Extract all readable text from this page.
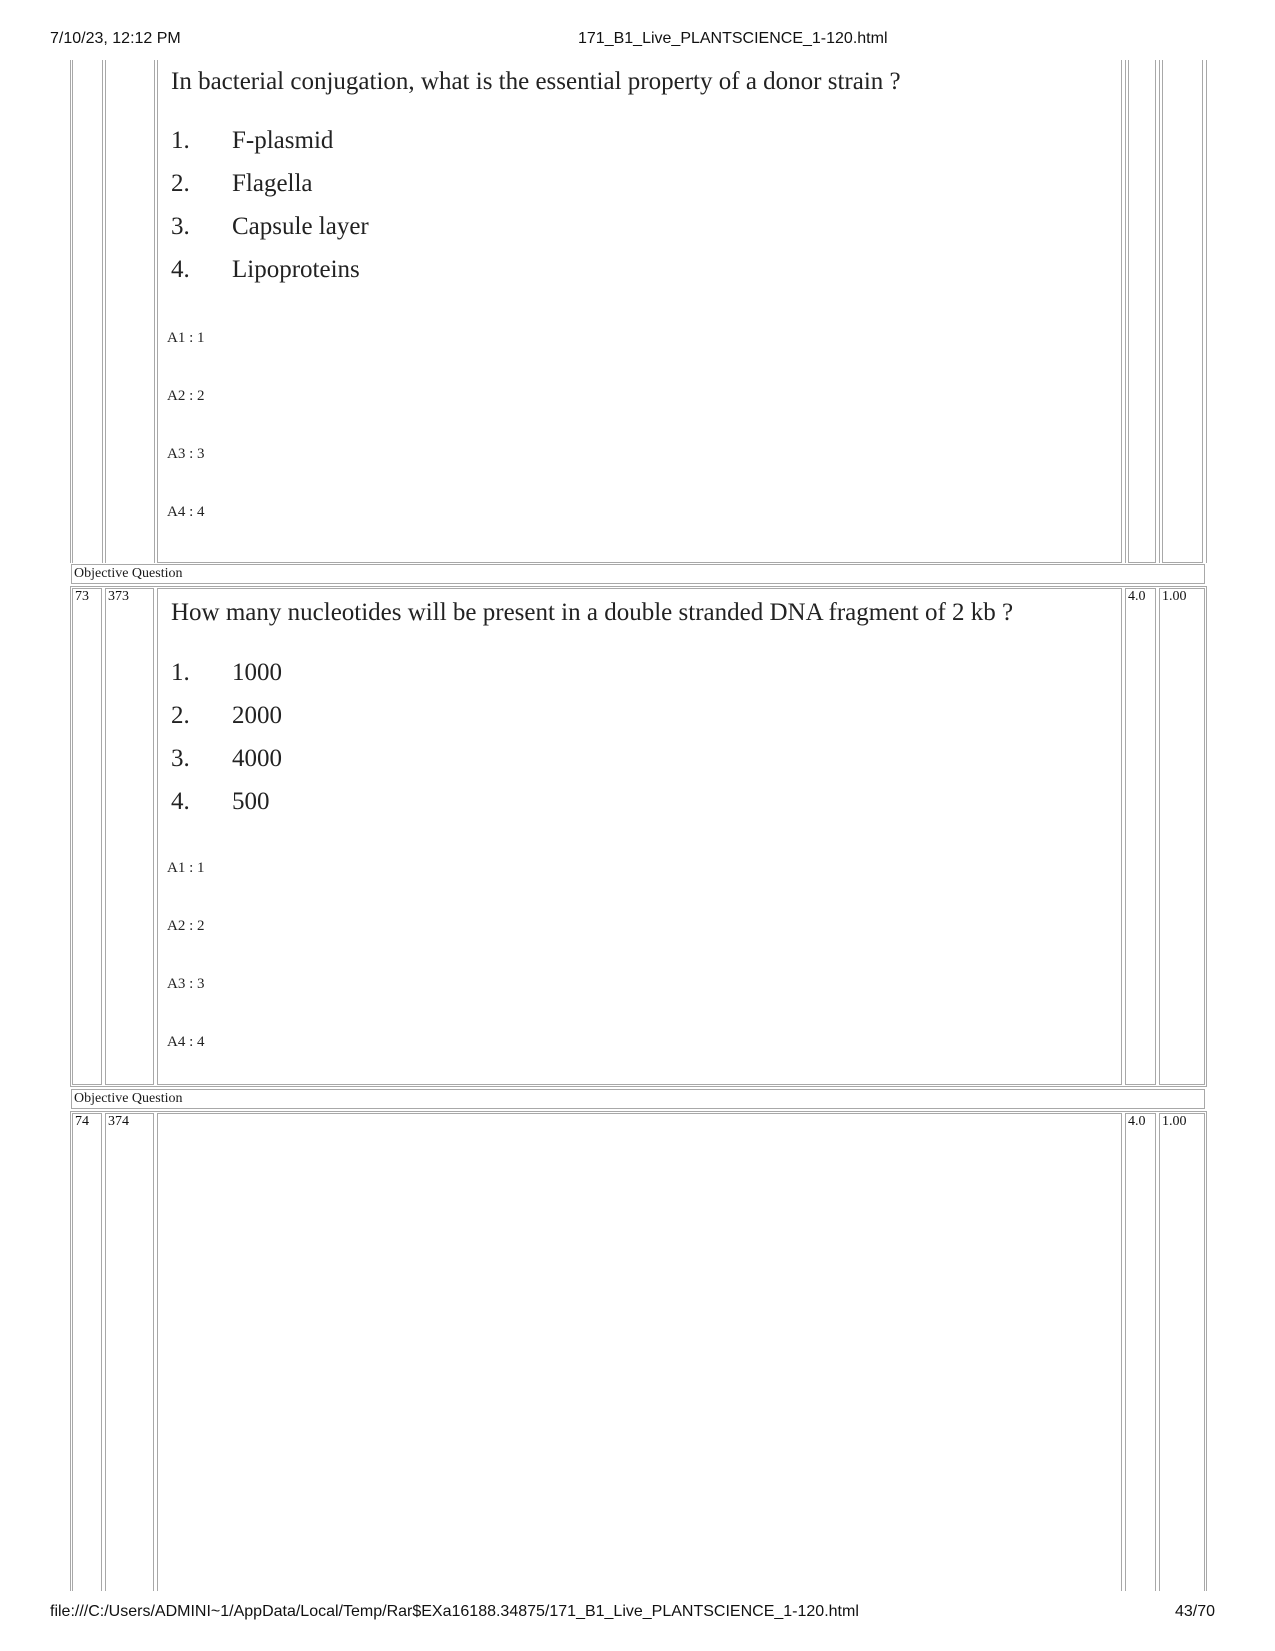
7/10/23, 12:12 PM	171_B1_Live_PLANTSCIENCE_1-120.html
In bacterial conjugation, what is the essential property of a donor strain ?
1. F-plasmid
2. Flagella
3. Capsule layer
4. Lipoproteins
A1 : 1
A2 : 2
A3 : 3
A4 : 4
Objective Question
73 373	4.0 1.00
How many nucleotides will be present in a double stranded DNA fragment of 2 kb ?
1. 1000
2. 2000
3. 4000
4. 500
A1 : 1
A2 : 2
A3 : 3
A4 : 4
Objective Question
74 374	4.0 1.00
file:///C:/Users/ADMINI~1/AppData/Local/Temp/Rar$EXa16188.34875/171_B1_Live_PLANTSCIENCE_1-120.html	43/70
